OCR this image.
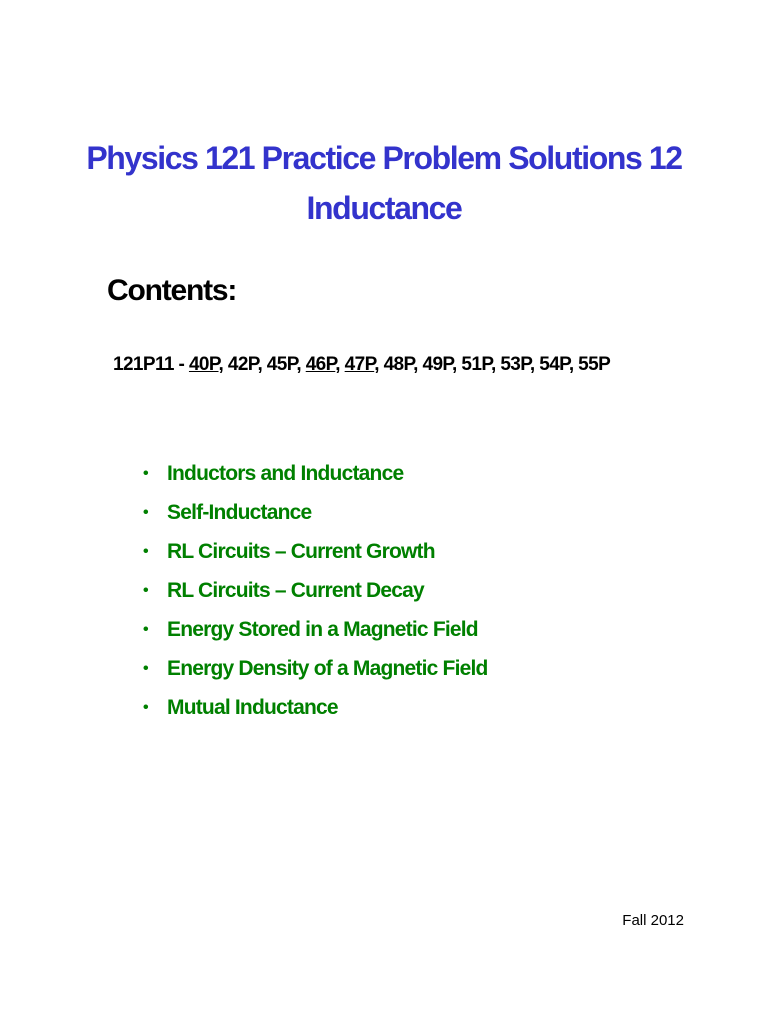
Physics 121 Practice Problem Solutions 12
Inductance
Contents:
121P11 - 40P, 42P, 45P, 46P, 47P, 48P, 49P, 51P, 53P, 54P, 55P
• Inductors and Inductance
• Self-Inductance
• RL Circuits – Current Growth
• RL Circuits – Current Decay
• Energy Stored in a Magnetic Field
• Energy Density of a Magnetic Field
• Mutual Inductance
Fall 2012
